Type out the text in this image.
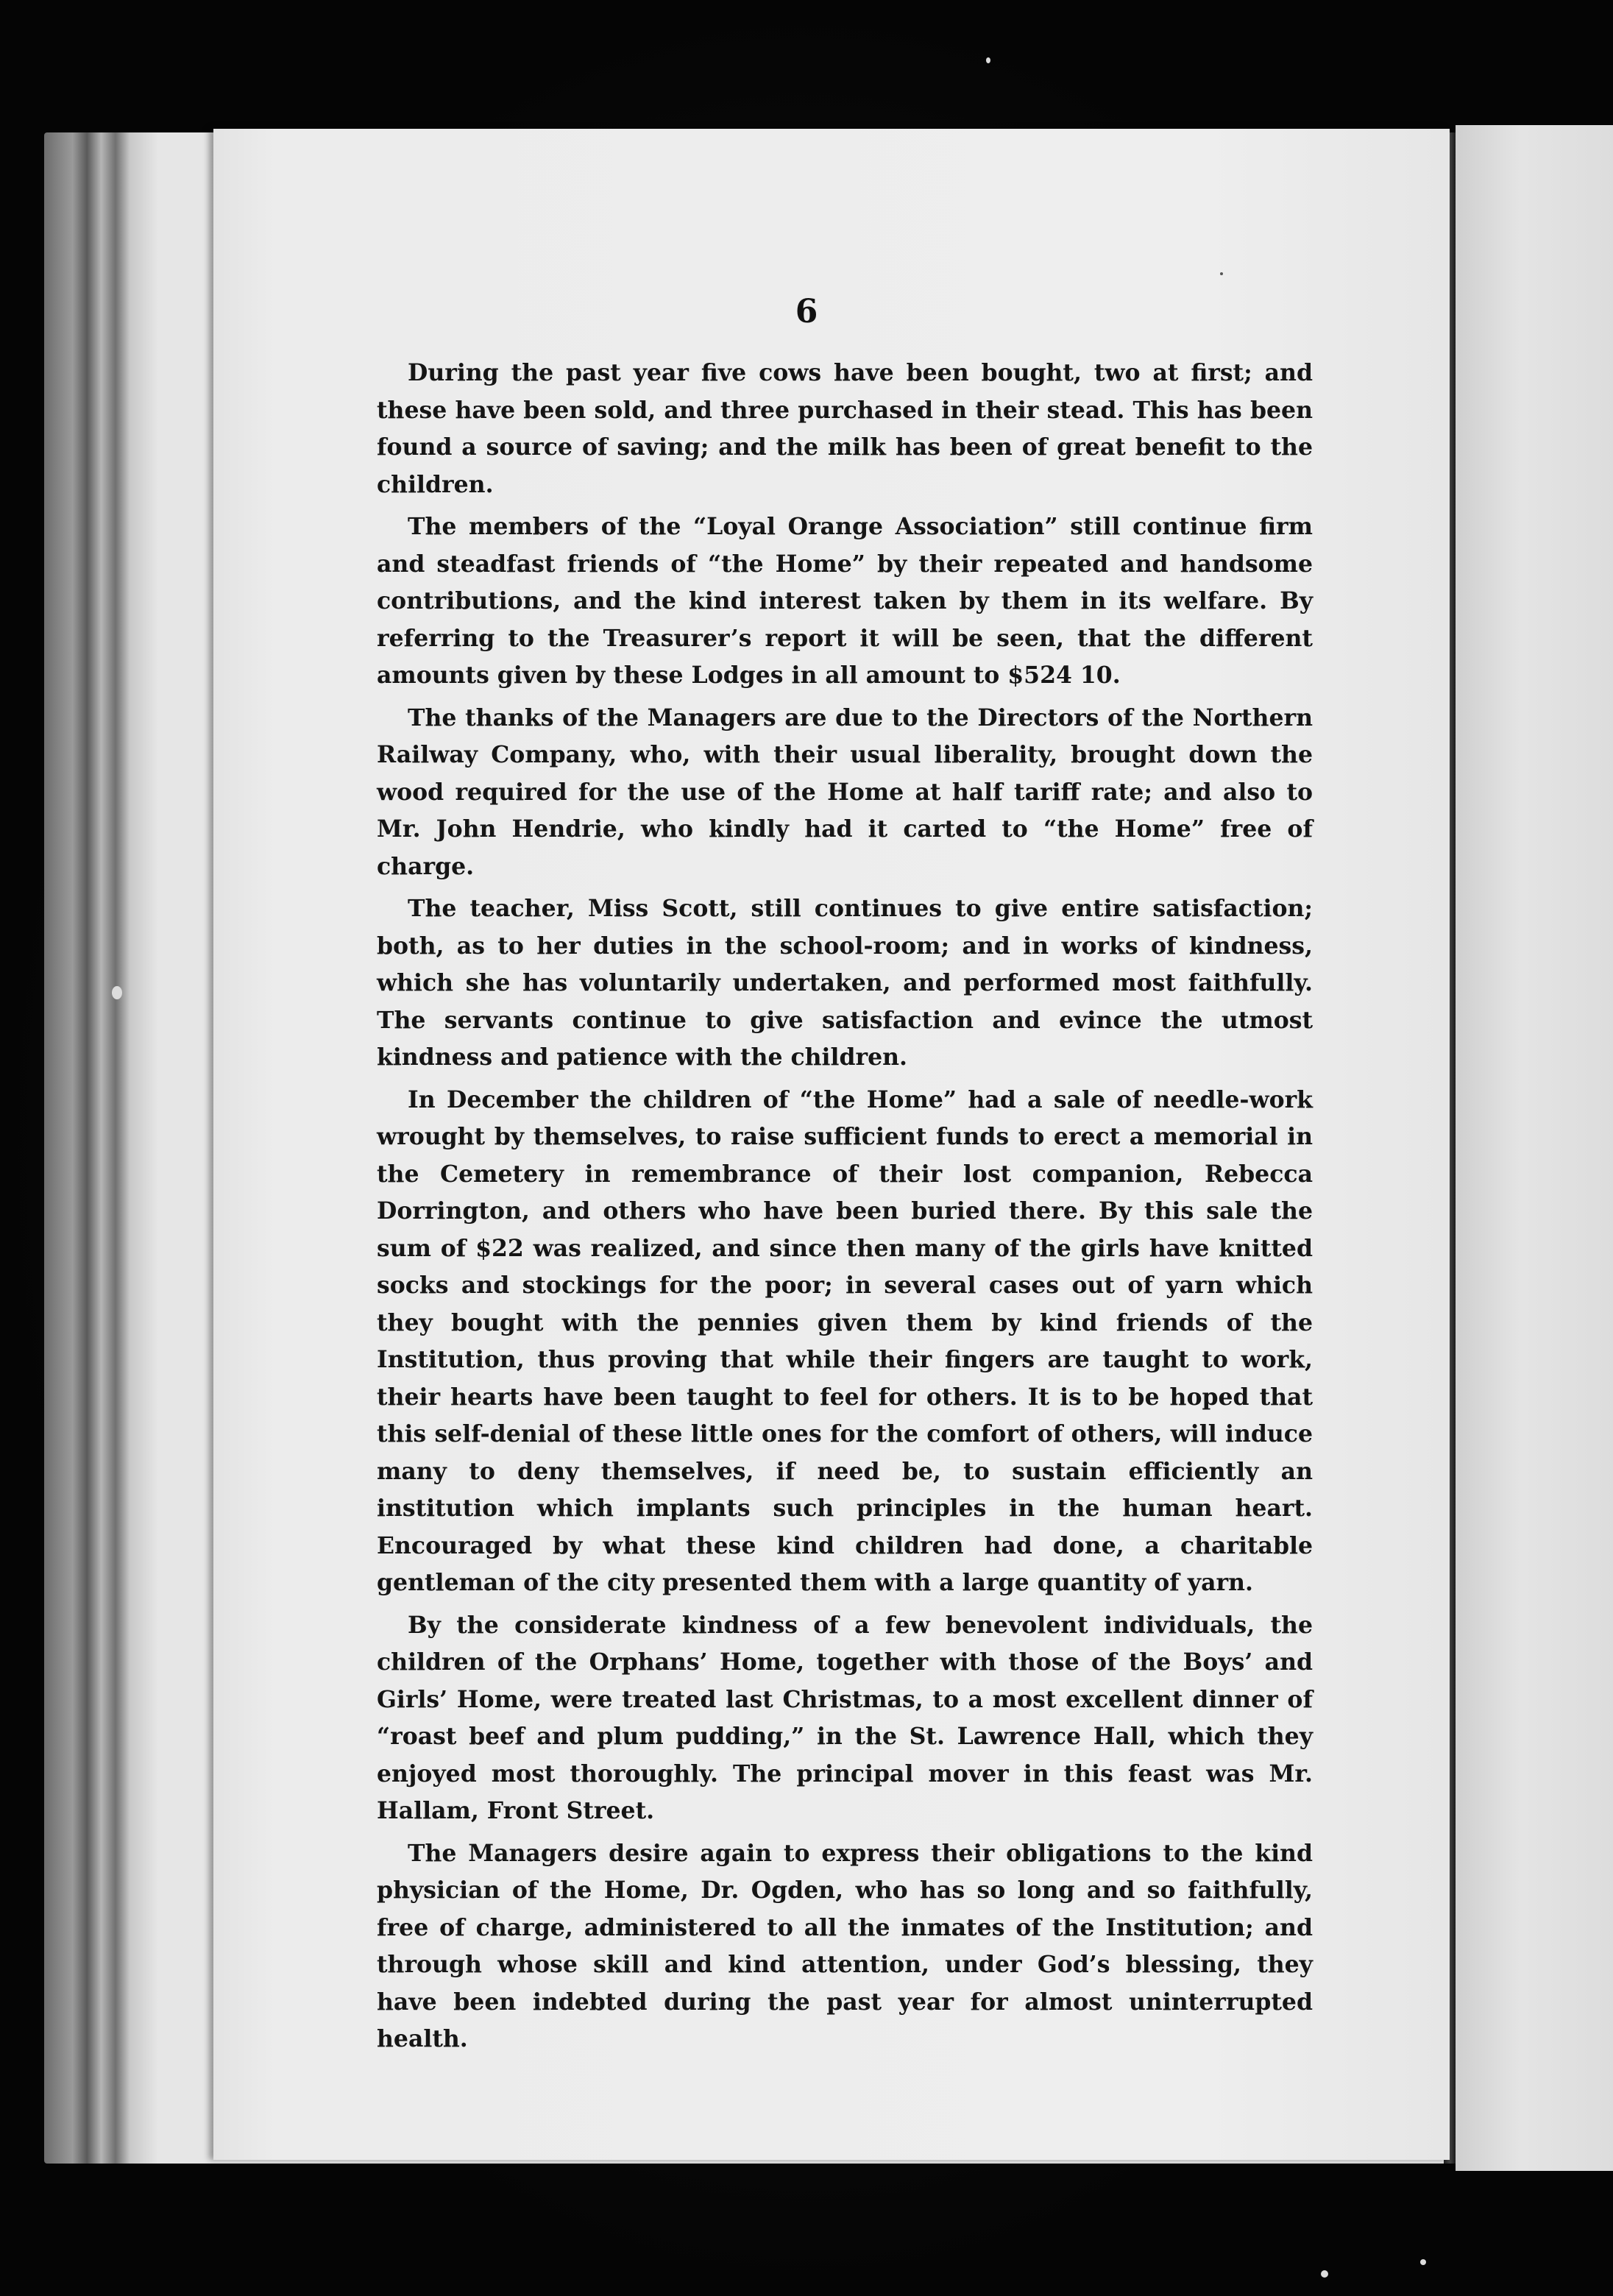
6

During the past year five cows have been bought, two at first; and these have been sold, and three purchased in their stead. This has been found a source of saving; and the milk has been of great benefit to the children.

The members of the “Loyal Orange Association” still continue firm and steadfast friends of “the Home” by their repeated and handsome contributions, and the kind interest taken by them in its welfare. By referring to the Treasurer’s report it will be seen, that the different amounts given by these Lodges in all amount to $524 10.

The thanks of the Managers are due to the Directors of the Northern Railway Company, who, with their usual liberality, brought down the wood required for the use of the Home at half tariff rate; and also to Mr. John Hendrie, who kindly had it carted to “the Home” free of charge.

The teacher, Miss Scott, still continues to give entire satisfaction; both, as to her duties in the school-room; and in works of kindness, which she has voluntarily undertaken, and performed most faithfully. The servants continue to give satisfaction and evince the utmost kindness and patience with the children.

In December the children of “the Home” had a sale of needle-work wrought by themselves, to raise sufficient funds to erect a memorial in the Cemetery in remembrance of their lost companion, Rebecca Dorrington, and others who have been buried there. By this sale the sum of $22 was realized, and since then many of the girls have knitted socks and stockings for the poor; in several cases out of yarn which they bought with the pennies given them by kind friends of the Institution, thus proving that while their fingers are taught to work, their hearts have been taught to feel for others. It is to be hoped that this self-denial of these little ones for the comfort of others, will induce many to deny themselves, if need be, to sustain efficiently an institution which implants such principles in the human heart. Encouraged by what these kind children had done, a charitable gentleman of the city presented them with a large quantity of yarn.

By the considerate kindness of a few benevolent individuals, the children of the Orphans’ Home, together with those of the Boys’ and Girls’ Home, were treated last Christmas, to a most excellent dinner of “roast beef and plum pudding,” in the St. Lawrence Hall, which they enjoyed most thoroughly. The principal mover in this feast was Mr. Hallam, Front Street.

The Managers desire again to express their obligations to the kind physician of the Home, Dr. Ogden, who has so long and so faithfully, free of charge, administered to all the inmates of the Institution; and through whose skill and kind attention, under God’s blessing, they have been indebted during the past year for almost uninterrupted health.
